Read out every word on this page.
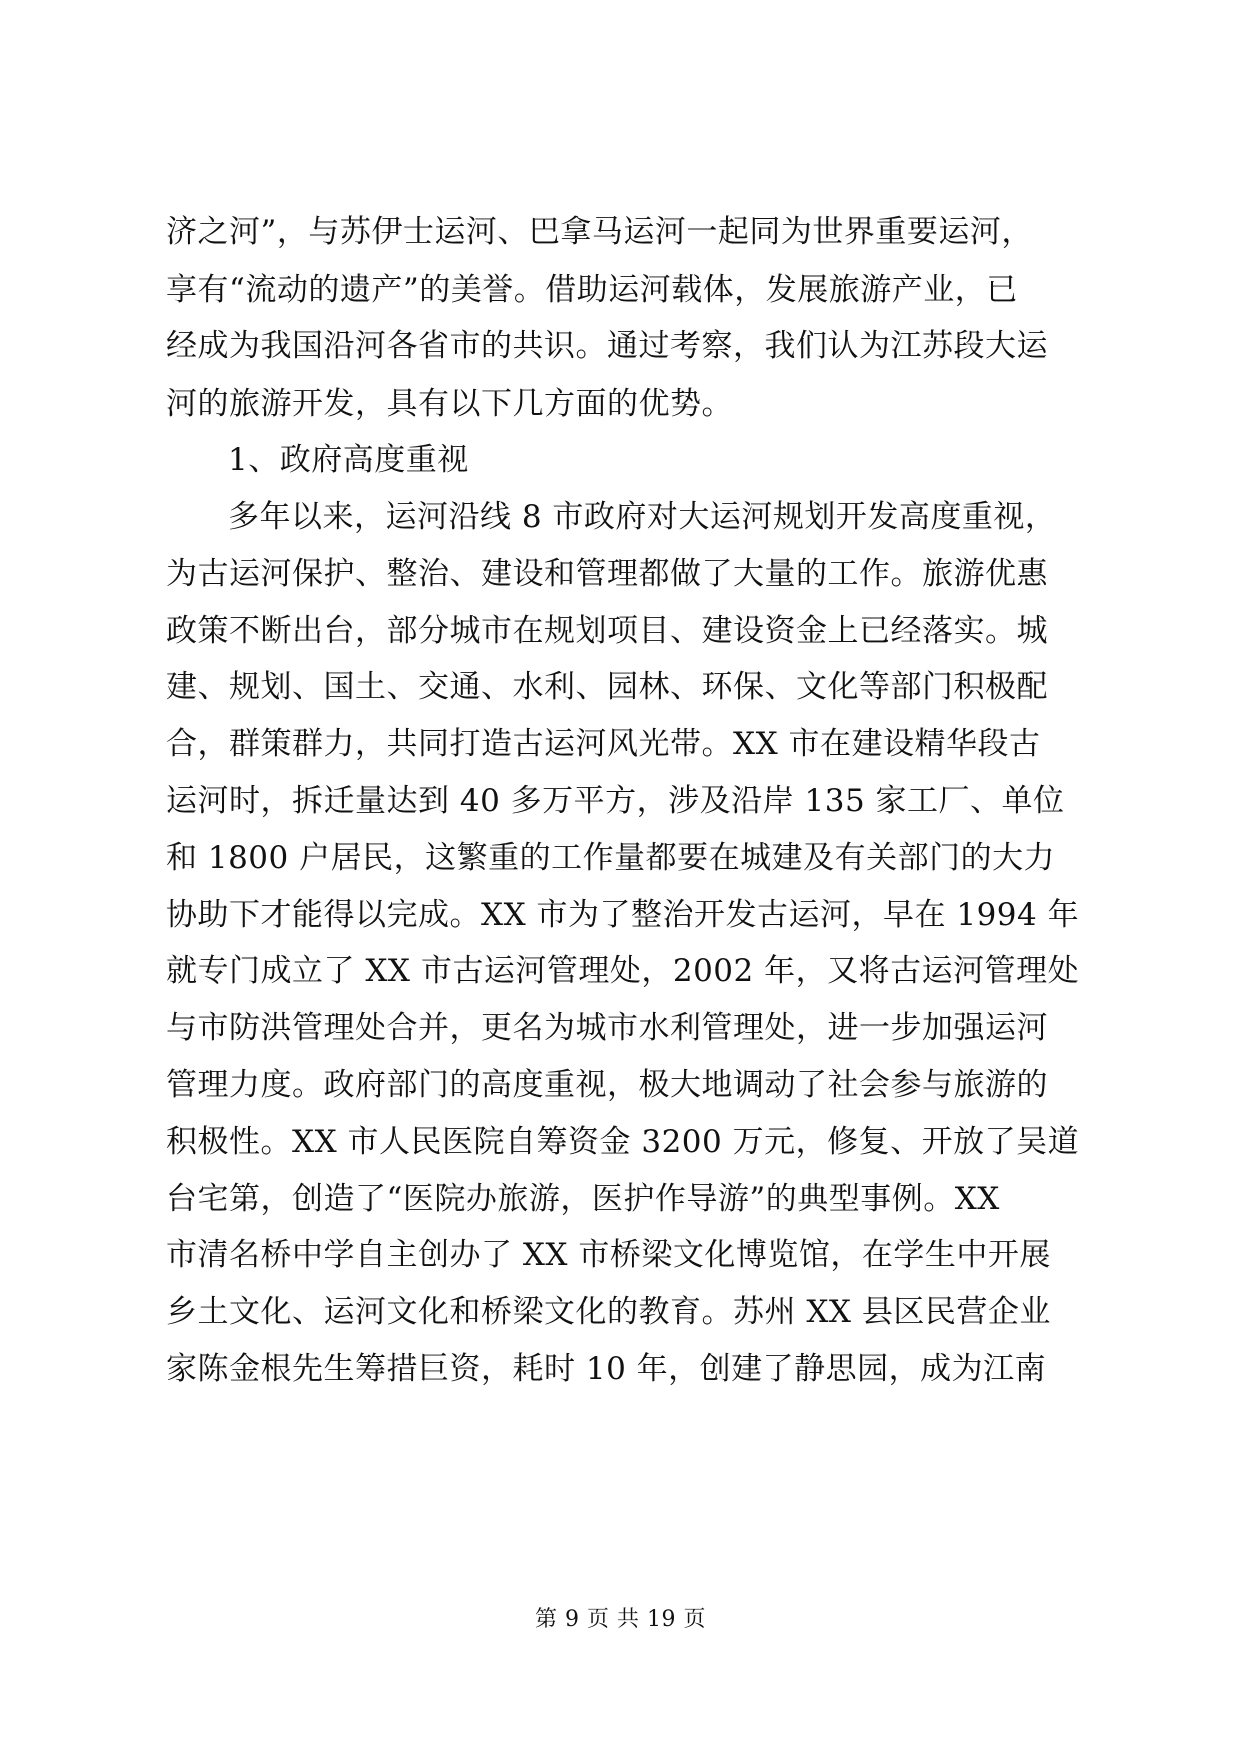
济之河”，与苏伊士运河、巴拿马运河一起同为世界重要运河，
享有“流动的遗产”的美誉。借助运河载体，发展旅游产业，已
经成为我国沿河各省市的共识。通过考察，我们认为江苏段大运
河的旅游开发，具有以下几方面的优势。
1、政府高度重视
多年以来，运河沿线 8 市政府对大运河规划开发高度重视，
为古运河保护、整治、建设和管理都做了大量的工作。旅游优惠
政策不断出台，部分城市在规划项目、建设资金上已经落实。城
建、规划、国土、交通、水利、园林、环保、文化等部门积极配
合，群策群力，共同打造古运河风光带。XX 市在建设精华段古
运河时，拆迁量达到 40 多万平方，涉及沿岸 135 家工厂、单位
和 1800 户居民，这繁重的工作量都要在城建及有关部门的大力
协助下才能得以完成。XX 市为了整治开发古运河，早在 1994 年
就专门成立了 XX 市古运河管理处，2002 年，又将古运河管理处
与市防洪管理处合并，更名为城市水利管理处，进一步加强运河
管理力度。政府部门的高度重视，极大地调动了社会参与旅游的
积极性。XX 市人民医院自筹资金 3200 万元，修复、开放了吴道
台宅第，创造了“医院办旅游，医护作导游”的典型事例。XX
市清名桥中学自主创办了 XX 市桥梁文化博览馆，在学生中开展
乡土文化、运河文化和桥梁文化的教育。苏州 XX 县区民营企业
家陈金根先生筹措巨资，耗时 10 年，创建了静思园，成为江南
第 9 页 共 19 页
